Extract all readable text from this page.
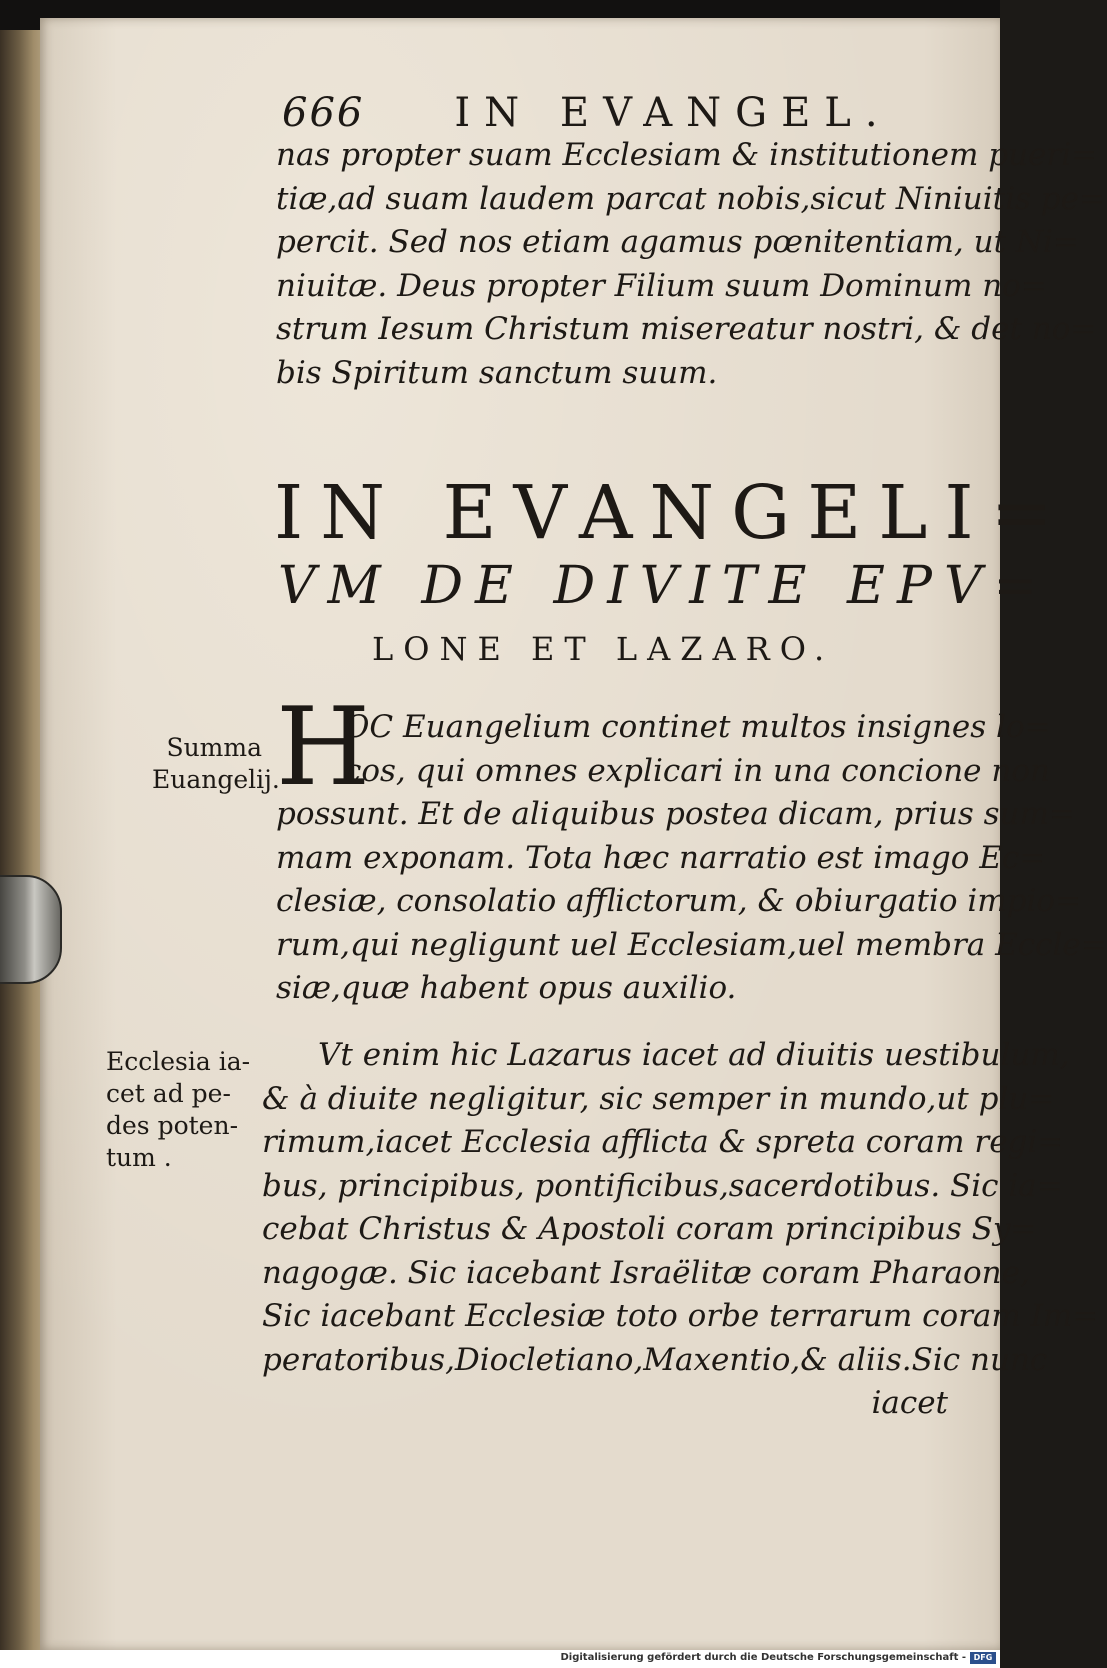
666 IN EVANGEL.
nas propter suam Ecclesiam & institutionem pueri=
tiæ,ad suam laudem parcat nobis,sicut Niniuitis pe=
percit. Sed nos etiam agamus pœnitentiam, ut Ni=
niuitæ. Deus propter Filium suum Dominum no=
strum Iesum Christum misereatur nostri, & det no=
bis Spiritum sanctum suum.
IN EVANGELI=
VM DE DIVITE EPV=
LONE ET LAZARO.
H
OC Euangelium continet multos insignes lo=
cos, qui omnes explicari in una concione non
possunt. Et de aliquibus postea dicam, prius sum=
mam exponam. Tota hæc narratio est imago Ec=
clesiæ, consolatio afflictorum, & obiurgatio impio=
rum,qui negligunt uel Ecclesiam,uel membra Eccle=
siæ,quæ habent opus auxilio.
Vt enim hic Lazarus iacet ad diuitis uestibulum,
& à diuite negligitur, sic semper in mundo,ut plu=
rimum,iacet Ecclesia afflicta & spreta coram regi=
bus, principibus, pontificibus,sacerdotibus. Sic ia=
cebat Christus & Apostoli coram principibus Sy=
nagogæ. Sic iacebant Israëlitæ coram Pharaone,
Sic iacebant Ecclesiæ toto orbe terrarum coram Im=
peratoribus,Diocletiano,Maxentio,& aliis.Sic nunc
iacet
Summa
Euangelij.
Ecclesia ia-
cet ad pe-
des poten-
tum .
Digitalisierung gefördert durch die Deutsche Forschungsgemeinschaft - DFG
